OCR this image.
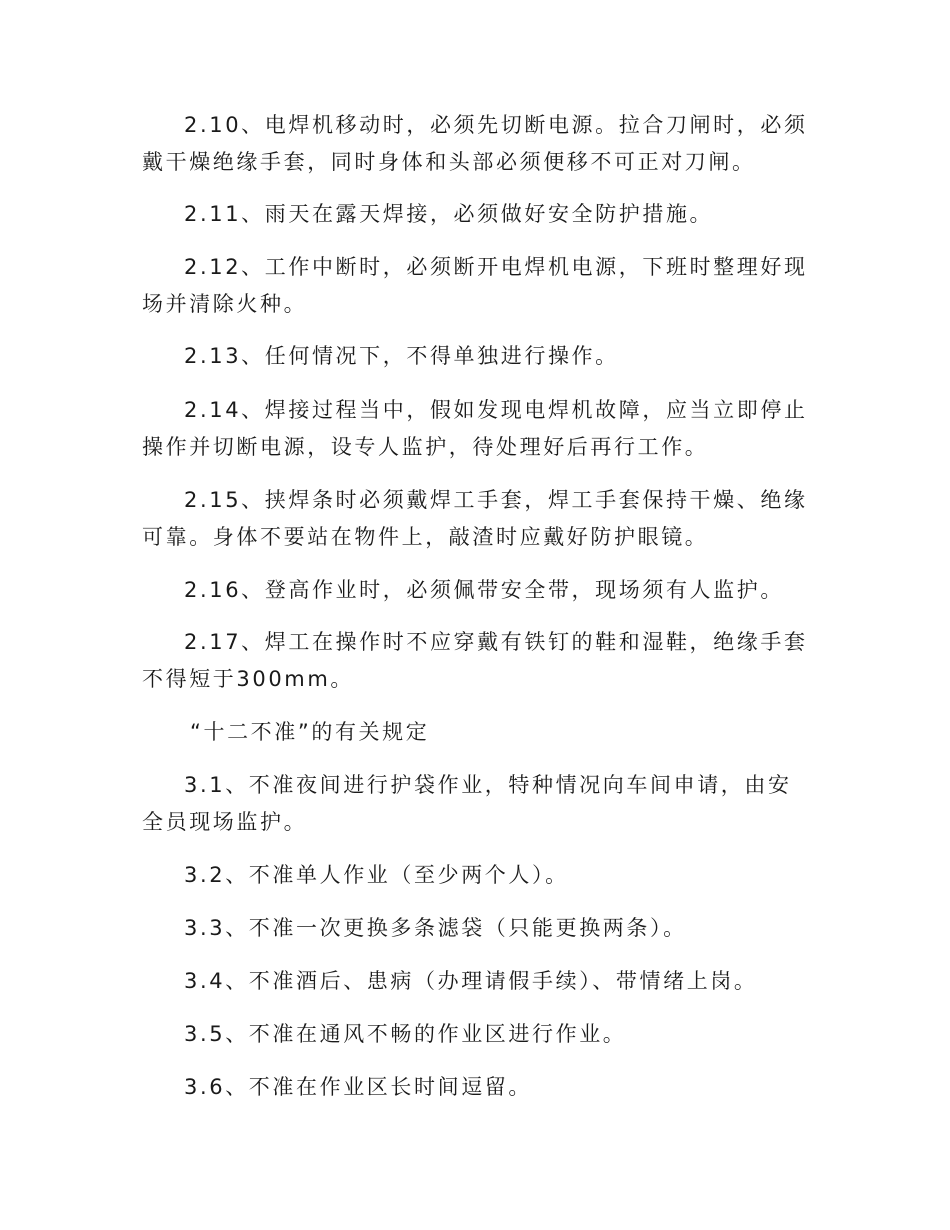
2.10、电焊机移动时，必须先切断电源。拉合刀闸时，必须戴干燥绝缘手套，同时身体和头部必须便移不可正对刀闸。

2.11、雨天在露天焊接，必须做好安全防护措施。

2.12、工作中断时，必须断开电焊机电源，下班时整理好现场并清除火种。

2.13、任何情况下，不得单独进行操作。

2.14、焊接过程当中，假如发现电焊机故障，应当立即停止操作并切断电源，设专人监护，待处理好后再行工作。

2.15、挟焊条时必须戴焊工手套，焊工手套保持干燥、绝缘可靠。身体不要站在物件上，敲渣时应戴好防护眼镜。

2.16、登高作业时，必须佩带安全带，现场须有人监护。

2.17、焊工在操作时不应穿戴有铁钉的鞋和湿鞋，绝缘手套不得短于300mm。

“十二不准”的有关规定

3.1、不准夜间进行护袋作业，特种情况向车间申请，由安全员现场监护。

3.2、不准单人作业（至少两个人）。

3.3、不准一次更换多条滤袋（只能更换两条）。

3.4、不准酒后、患病（办理请假手续）、带情绪上岗。

3.5、不准在通风不畅的作业区进行作业。

3.6、不准在作业区长时间逗留。
